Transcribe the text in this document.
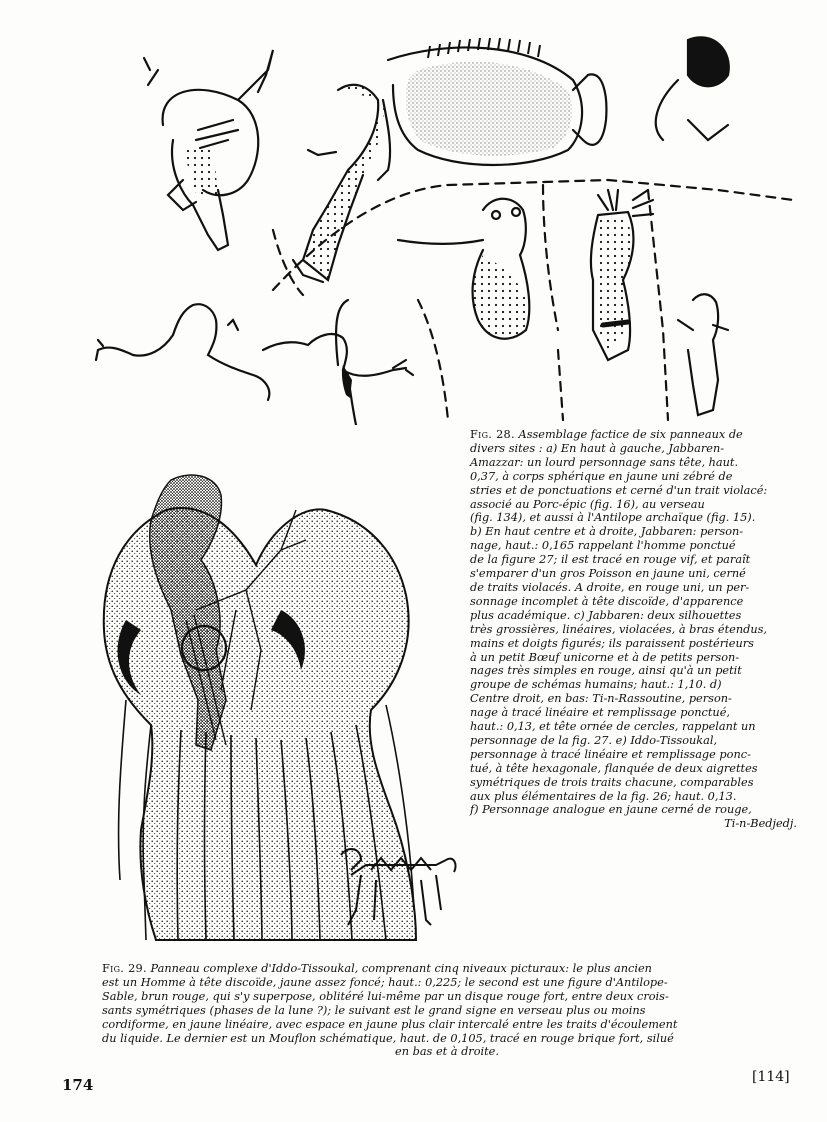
Fig. 28. Assemblage factice de six panneaux de
divers sites : a) En haut à gauche, Jabbaren-
Amazzar: un lourd personnage sans tête, haut.
0,37, à corps sphérique en jaune uni zébré de
stries et de ponctuations et cerné d'un trait violacé:
associé au Porc-épic (fig. 16), au verseau
(fig. 134), et aussi à l'Antilope archaïque (fig. 15).
b) En haut centre et à droite, Jabbaren: person-
nage, haut.: 0,165 rappelant l'homme ponctué
de la figure 27; il est tracé en rouge vif, et paraît
s'emparer d'un gros Poisson en jaune uni, cerné
de traits violacés. A droite, en rouge uni, un per-
sonnage incomplet à tête discoïde, d'apparence
plus académique. c) Jabbaren: deux silhouettes
très grossières, linéaires, violacées, à bras étendus,
mains et doigts figurés; ils paraissent postérieurs
à un petit Bœuf unicorne et à de petits person-
nages très simples en rouge, ainsi qu'à un petit
groupe de schémas humains; haut.: 1,10. d)
Centre droit, en bas: Ti-n-Rassoutine, person-
nage à tracé linéaire et remplissage ponctué,
haut.: 0,13, et tête ornée de cercles, rappelant un
personnage de la fig. 27. e) Iddo-Tissoukal,
personnage à tracé linéaire et remplissage ponc-
tué, à tête hexagonale, flanquée de deux aigrettes
symétriques de trois traits chacune, comparables
aux plus élémentaires de la fig. 26; haut. 0,13.
f) Personnage analogue en jaune cerné de rouge,
Ti-n-Bedjedj.
Fig. 29. Panneau complexe d'Iddo-Tissoukal, comprenant cinq niveaux picturaux: le plus ancien
est un Homme à tête discoïde, jaune assez foncé; haut.: 0,225; le second est une figure d'Antilope-
Sable, brun rouge, qui s'y superpose, oblitéré lui-même par un disque rouge fort, entre deux crois-
sants symétriques (phases de la lune ?); le suivant est le grand signe en verseau plus ou moins
cordiforme, en jaune linéaire, avec espace en jaune plus clair intercalé entre les traits d'écoulement
du liquide. Le dernier est un Mouflon schématique, haut. de 0,105, tracé en rouge brique fort, silué
en bas et à droite.
174	[114]
